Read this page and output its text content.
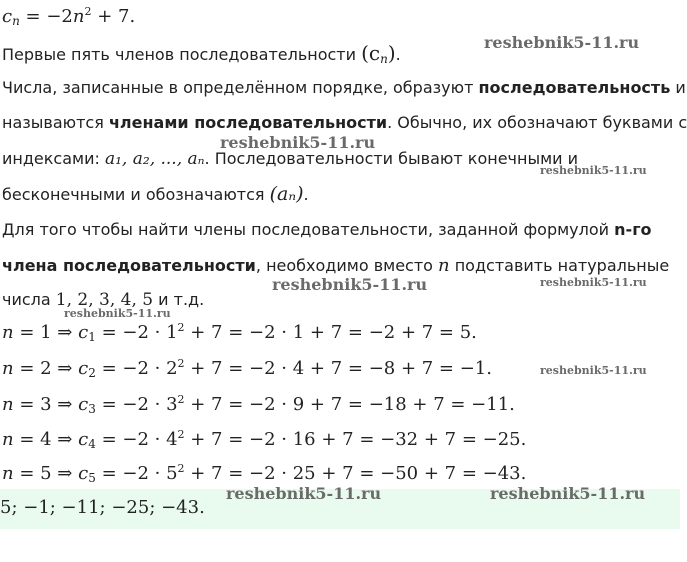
$c_n = -2n^2 + 7$.
Первые пять членов последовательности $(c_n)$.
Числа, записанные в определённом порядке, образуют последовательность и
называются членами последовательности. Обычно, их обозначают буквами с
индексами: a₁, a₂, ..., aₙ. Последовательности бывают конечными и
бесконечными и обозначаются (aₙ).
Для того чтобы найти члены последовательности, заданной формулой n-го
члена последовательности, необходимо вместо n подставить натуральные
числа 1, 2, 3, 4, 5 и т.д.
n = 1 ⇒ $c_1 = -2 \cdot 1^2 + 7 = -2 \cdot 1 + 7 = -2 + 7 = 5$.
n = 2 ⇒ $c_2 = -2 \cdot 2^2 + 7 = -2 \cdot 4 + 7 = -8 + 7 = -1$.
n = 3 ⇒ $c_3 = -2 \cdot 3^2 + 7 = -2 \cdot 9 + 7 = -18 + 7 = -11$.
n = 4 ⇒ $c_4 = -2 \cdot 4^2 + 7 = -2 \cdot 16 + 7 = -32 + 7 = -25$.
n = 5 ⇒ $c_5 = -2 \cdot 5^2 + 7 = -2 \cdot 25 + 7 = -50 + 7 = -43$.
5; −1; −11; −25; −43.
reshebnik5-11.ru
reshebnik5-11.ru
reshebnik5-11.ru
reshebnik5-11.ru	reshebnik5-11.ru
reshebnik5-11.ru
reshebnik5-11.ru
reshebnik5-11.ru	reshebnik5-11.ru
